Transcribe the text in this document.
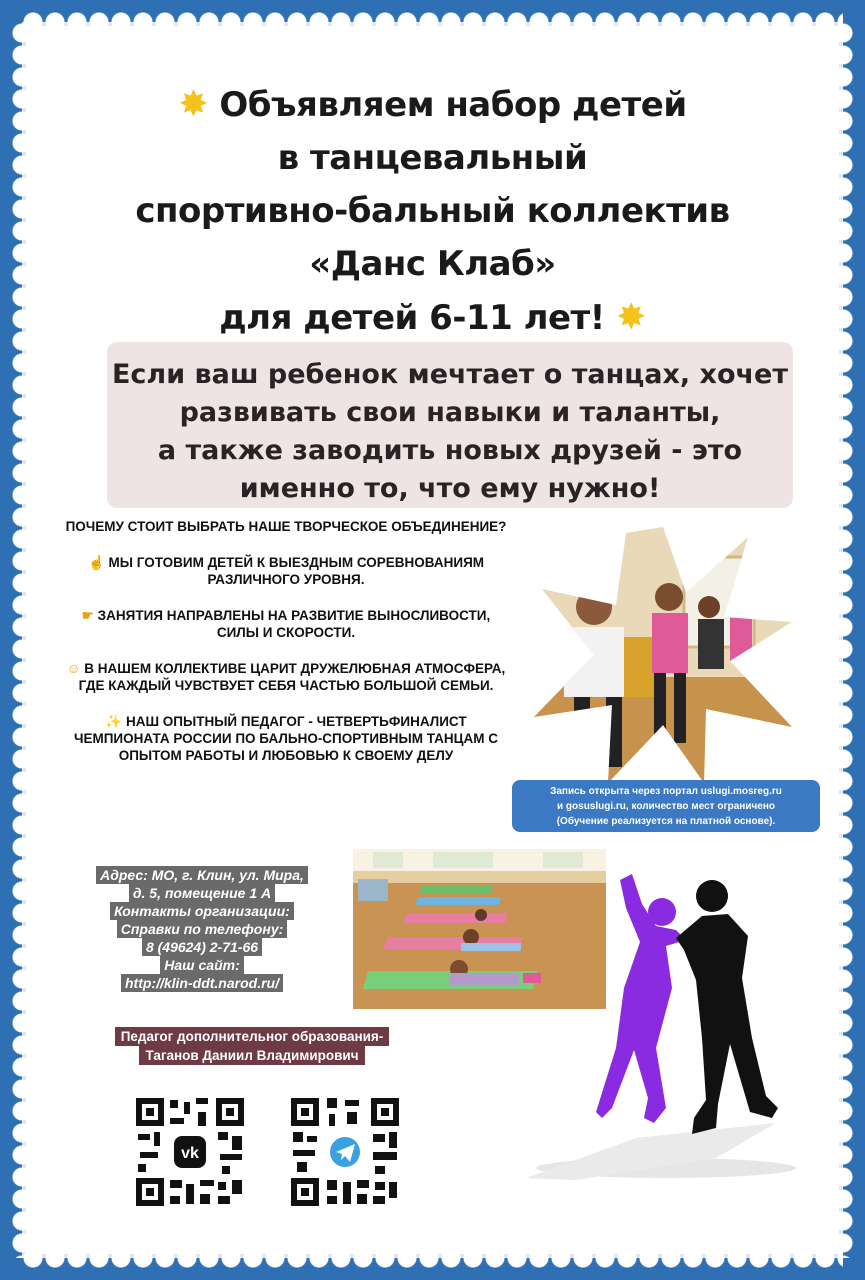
✸ Объявляем набор детей
в танцевальный
спортивно-бальный коллектив
«Данс Клаб»
для детей 6-11 лет! ✸
Если ваш ребенок мечтает о танцах, хочет
развивать свои навыки и таланты,
а также заводить новых друзей - это
именно то, что ему нужно!

ПОЧЕМУ СТОИТ ВЫБРАТЬ НАШЕ ТВОРЧЕСКОЕ ОБЪЕДИНЕНИЕ?

☝ МЫ ГОТОВИМ ДЕТЕЙ К ВЫЕЗДНЫМ СОРЕВНОВАНИЯМ РАЗЛИЧНОГО УРОВНЯ.

☛ ЗАНЯТИЯ НАПРАВЛЕНЫ НА РАЗВИТИЕ ВЫНОСЛИВОСТИ, СИЛЫ И СКОРОСТИ.

☺ В НАШЕМ КОЛЛЕКТИВЕ ЦАРИТ ДРУЖЕЛЮБНАЯ АТМОСФЕРА, ГДЕ КАЖДЫЙ ЧУВСТВУЕТ СЕБЯ ЧАСТЬЮ БОЛЬШОЙ СЕМЬИ.

✨ НАШ ОПЫТНЫЙ ПЕДАГОГ - ЧЕТВЕРТЬФИНАЛИСТ ЧЕМПИОНАТА РОССИИ ПО БАЛЬНО-СПОРТИВНЫМ ТАНЦАМ С ОПЫТОМ РАБОТЫ И ЛЮБОВЬЮ К СВОЕМУ ДЕЛУ

Запись открыта через портал uslugi.mosreg.ru
и gosuslugi.ru, количество мест ограничено
(Обучение реализуется на платной основе).
Адрес: МО, г. Клин, ул. Мира,
д. 5, помещение 1 А
Контакты организации:
Справки по телефону:
8 (49624) 2-71-66
Наш сайт:
http://klin-ddt.narod.ru/
Педагог дополнительног образования-
Таганов Даниил Владимирович
vk
